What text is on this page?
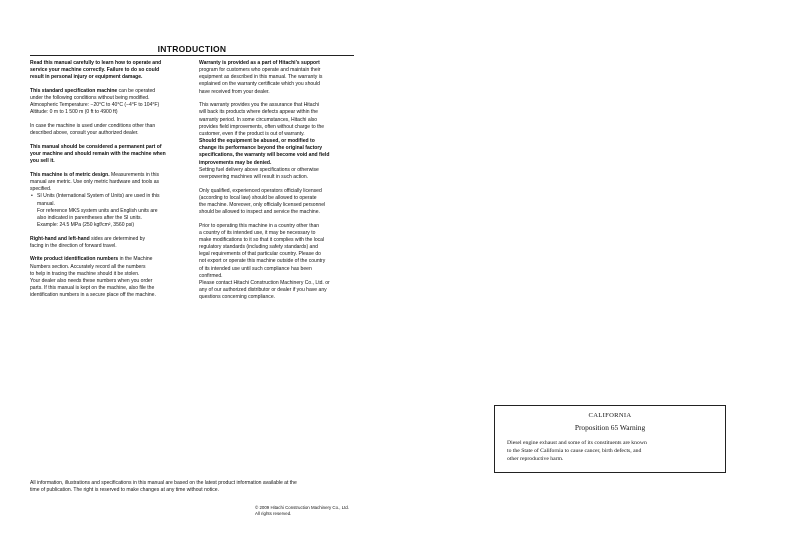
INTRODUCTION

Read this manual carefully to learn how to operate and
service your machine correctly. Failure to do so could
result in personal injury or equipment damage.

This standard specification machine can be operated
under the following conditions without being modified.
Atmospheric Temperature: −20°C to 40°C (−4°F to 104°F)
Altitude: 0 m to 1 500 m (0 ft to 4900 ft)

In case the machine is used under conditions other than
described above, consult your authorized dealer.

This manual should be considered a permanent part of
your machine and should remain with the machine when
you sell it.

This machine is of metric design. Measurements in this
manual are metric. Use only metric hardware and tools as
specified.
• SI Units (International System of Units) are used in this
manual.
For reference MKS system units and English units are
also indicated in parentheses after the SI units.
Example: 24.5 MPa (250 kgf/cm², 3560 psi)

Right-hand and left-hand sides are determined by
facing in the direction of forward travel.

Write product identification numbers in the Machine
Numbers section. Accurately record all the numbers
to help in tracing the machine should it be stolen.
Your dealer also needs these numbers when you order
parts. If this manual is kept on the machine, also file the
identification numbers in a secure place off the machine.

Warranty is provided as a part of Hitachi’s support
program for customers who operate and maintain their
equipment as described in this manual. The warranty is
explained on the warranty certificate which you should
have received from your dealer.

This warranty provides you the assurance that Hitachi
will back its products where defects appear within the
warranty period. In some circumstances, Hitachi also
provides field improvements, often without charge to the
customer, even if the product is out of warranty.
Should the equipment be abused, or modified to
change its performance beyond the original factory
specifications, the warranty will become void and field
improvements may be denied.
Setting fuel delivery above specifications or otherwise
overpowering machines will result in such action.

Only qualified, experienced operators officially licensed
(according to local law) should be allowed to operate
the machine. Moreover, only officially licensed personnel
should be allowed to inspect and service the machine.

Prior to operating this machine in a country other than
a country of its intended use, it may be necessary to
make modifications to it so that it complies with the local
regulatory standards (including safety standards) and
legal requirements of that particular country. Please do
not export or operate this machine outside of the country
of its intended use until such compliance has been
confirmed.
Please contact Hitachi Construction Machinery Co., Ltd. or
any of our authorized distributor or dealer if you have any
questions concerning compliance.

All information, illustrations and specifications in this manual are based on the latest product information available at the
time of publication. The right is reserved to make changes at any time without notice.
© 2009 Hitachi Construction Machinery Co., Ltd.
All rights reserved.
CALIFORNIA
Proposition 65 Warning
Diesel engine exhaust and some of its constituents are known
to the State of California to cause cancer, birth defects, and
other reproductive harm.
